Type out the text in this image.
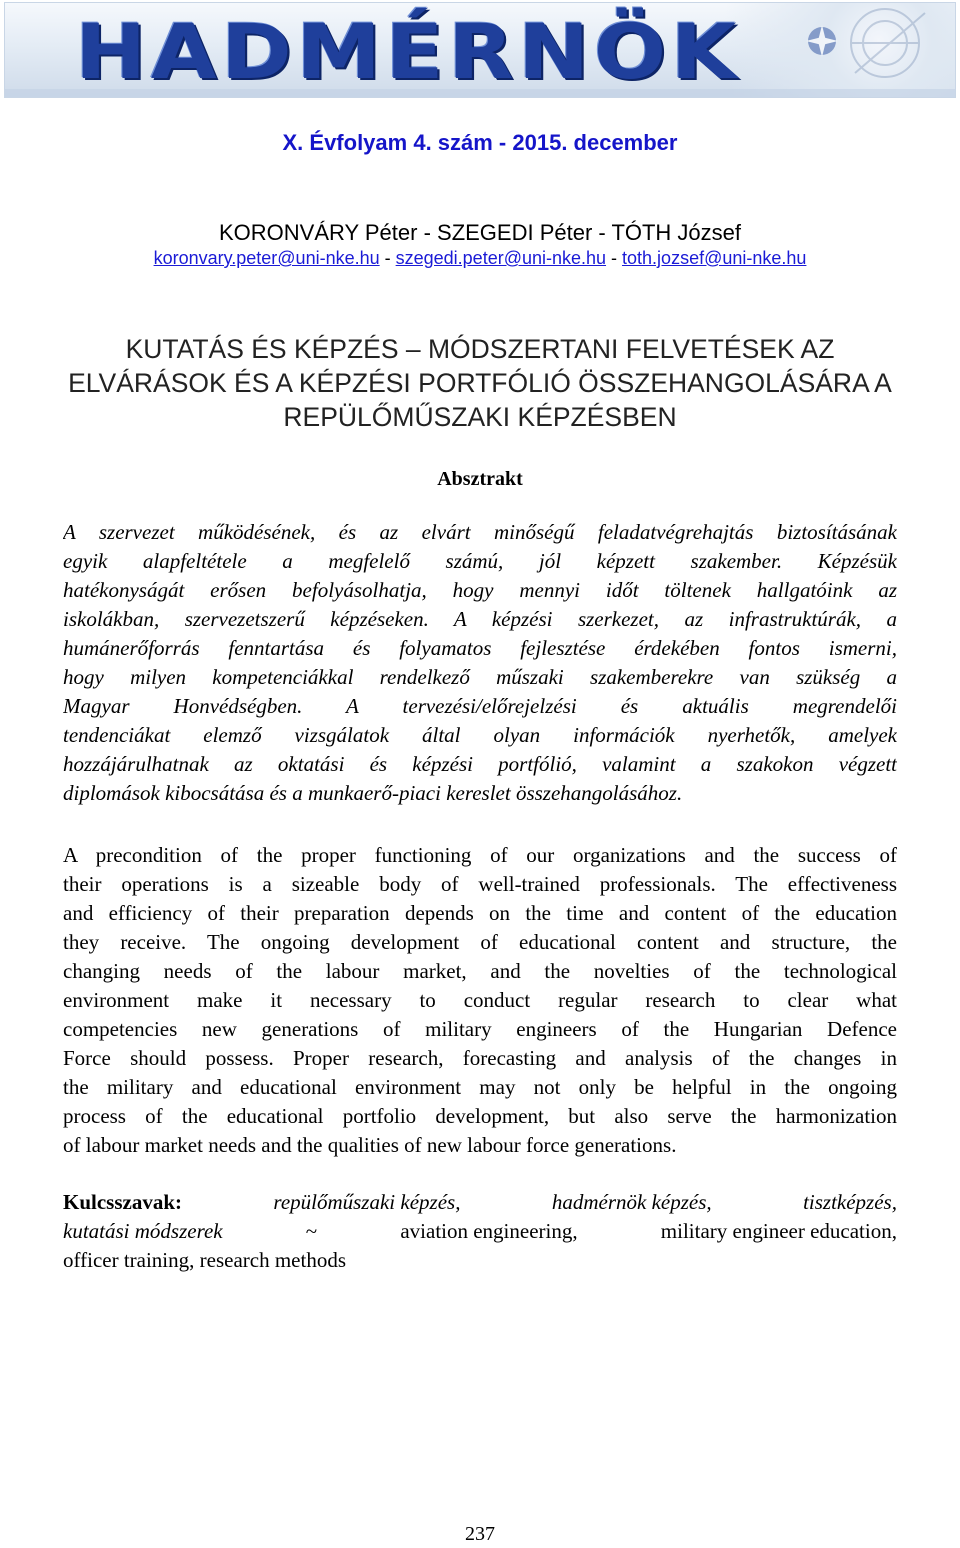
HADMÉRNÖK
X. Évfolyam 4. szám - 2015. december
KORONVÁRY Péter - SZEGEDI Péter - TÓTH József
koronvary.peter@uni-nke.hu - szegedi.peter@uni-nke.hu - toth.jozsef@uni-nke.hu
KUTATÁS ÉS KÉPZÉS – MÓDSZERTANI FELVETÉSEK AZ
ELVÁRÁSOK ÉS A KÉPZÉSI PORTFÓLIÓ ÖSSZEHANGOLÁSÁRA A
REPÜLŐMŰSZAKI KÉPZÉSBEN
Absztrakt
A szervezet működésének, és az elvárt minőségű feladatvégrehajtás biztosításának
egyik alapfeltétele a megfelelő számú, jól képzett szakember. Képzésük
hatékonyságát erősen befolyásolhatja, hogy mennyi időt töltenek hallgatóink az
iskolákban, szervezetszerű képzéseken. A képzési szerkezet, az infrastruktúrák, a
humánerőforrás fenntartása és folyamatos fejlesztése érdekében fontos ismerni,
hogy milyen kompetenciákkal rendelkező műszaki szakemberekre van szükség a
Magyar Honvédségben. A tervezési/előrejelzési és aktuális megrendelői
tendenciákat elemző vizsgálatok által olyan információk nyerhetők, amelyek
hozzájárulhatnak az oktatási és képzési portfólió, valamint a szakokon végzett
diplomások kibocsátása és a munkaerő-piaci kereslet összehangolásához.
A precondition of the proper functioning of our organizations and the success of
their operations is a sizeable body of well-trained professionals. The effectiveness
and efficiency of their preparation depends on the time and content of the education
they receive. The ongoing development of educational content and structure, the
changing needs of the labour market, and the novelties of the technological
environment make it necessary to conduct regular research to clear what
competencies new generations of military engineers of the Hungarian Defence
Force should possess. Proper research, forecasting and analysis of the changes in
the military and educational environment may not only be helpful in the ongoing
process of the educational portfolio development, but also serve the harmonization
of labour market needs and the qualities of new labour force generations.
Kulcsszavak:	repülőműszaki képzés,	hadmérnök képzés,	tisztképzés,
kutatási módszerek	~	aviation engineering,	military engineer education,
officer training, research methods
237
